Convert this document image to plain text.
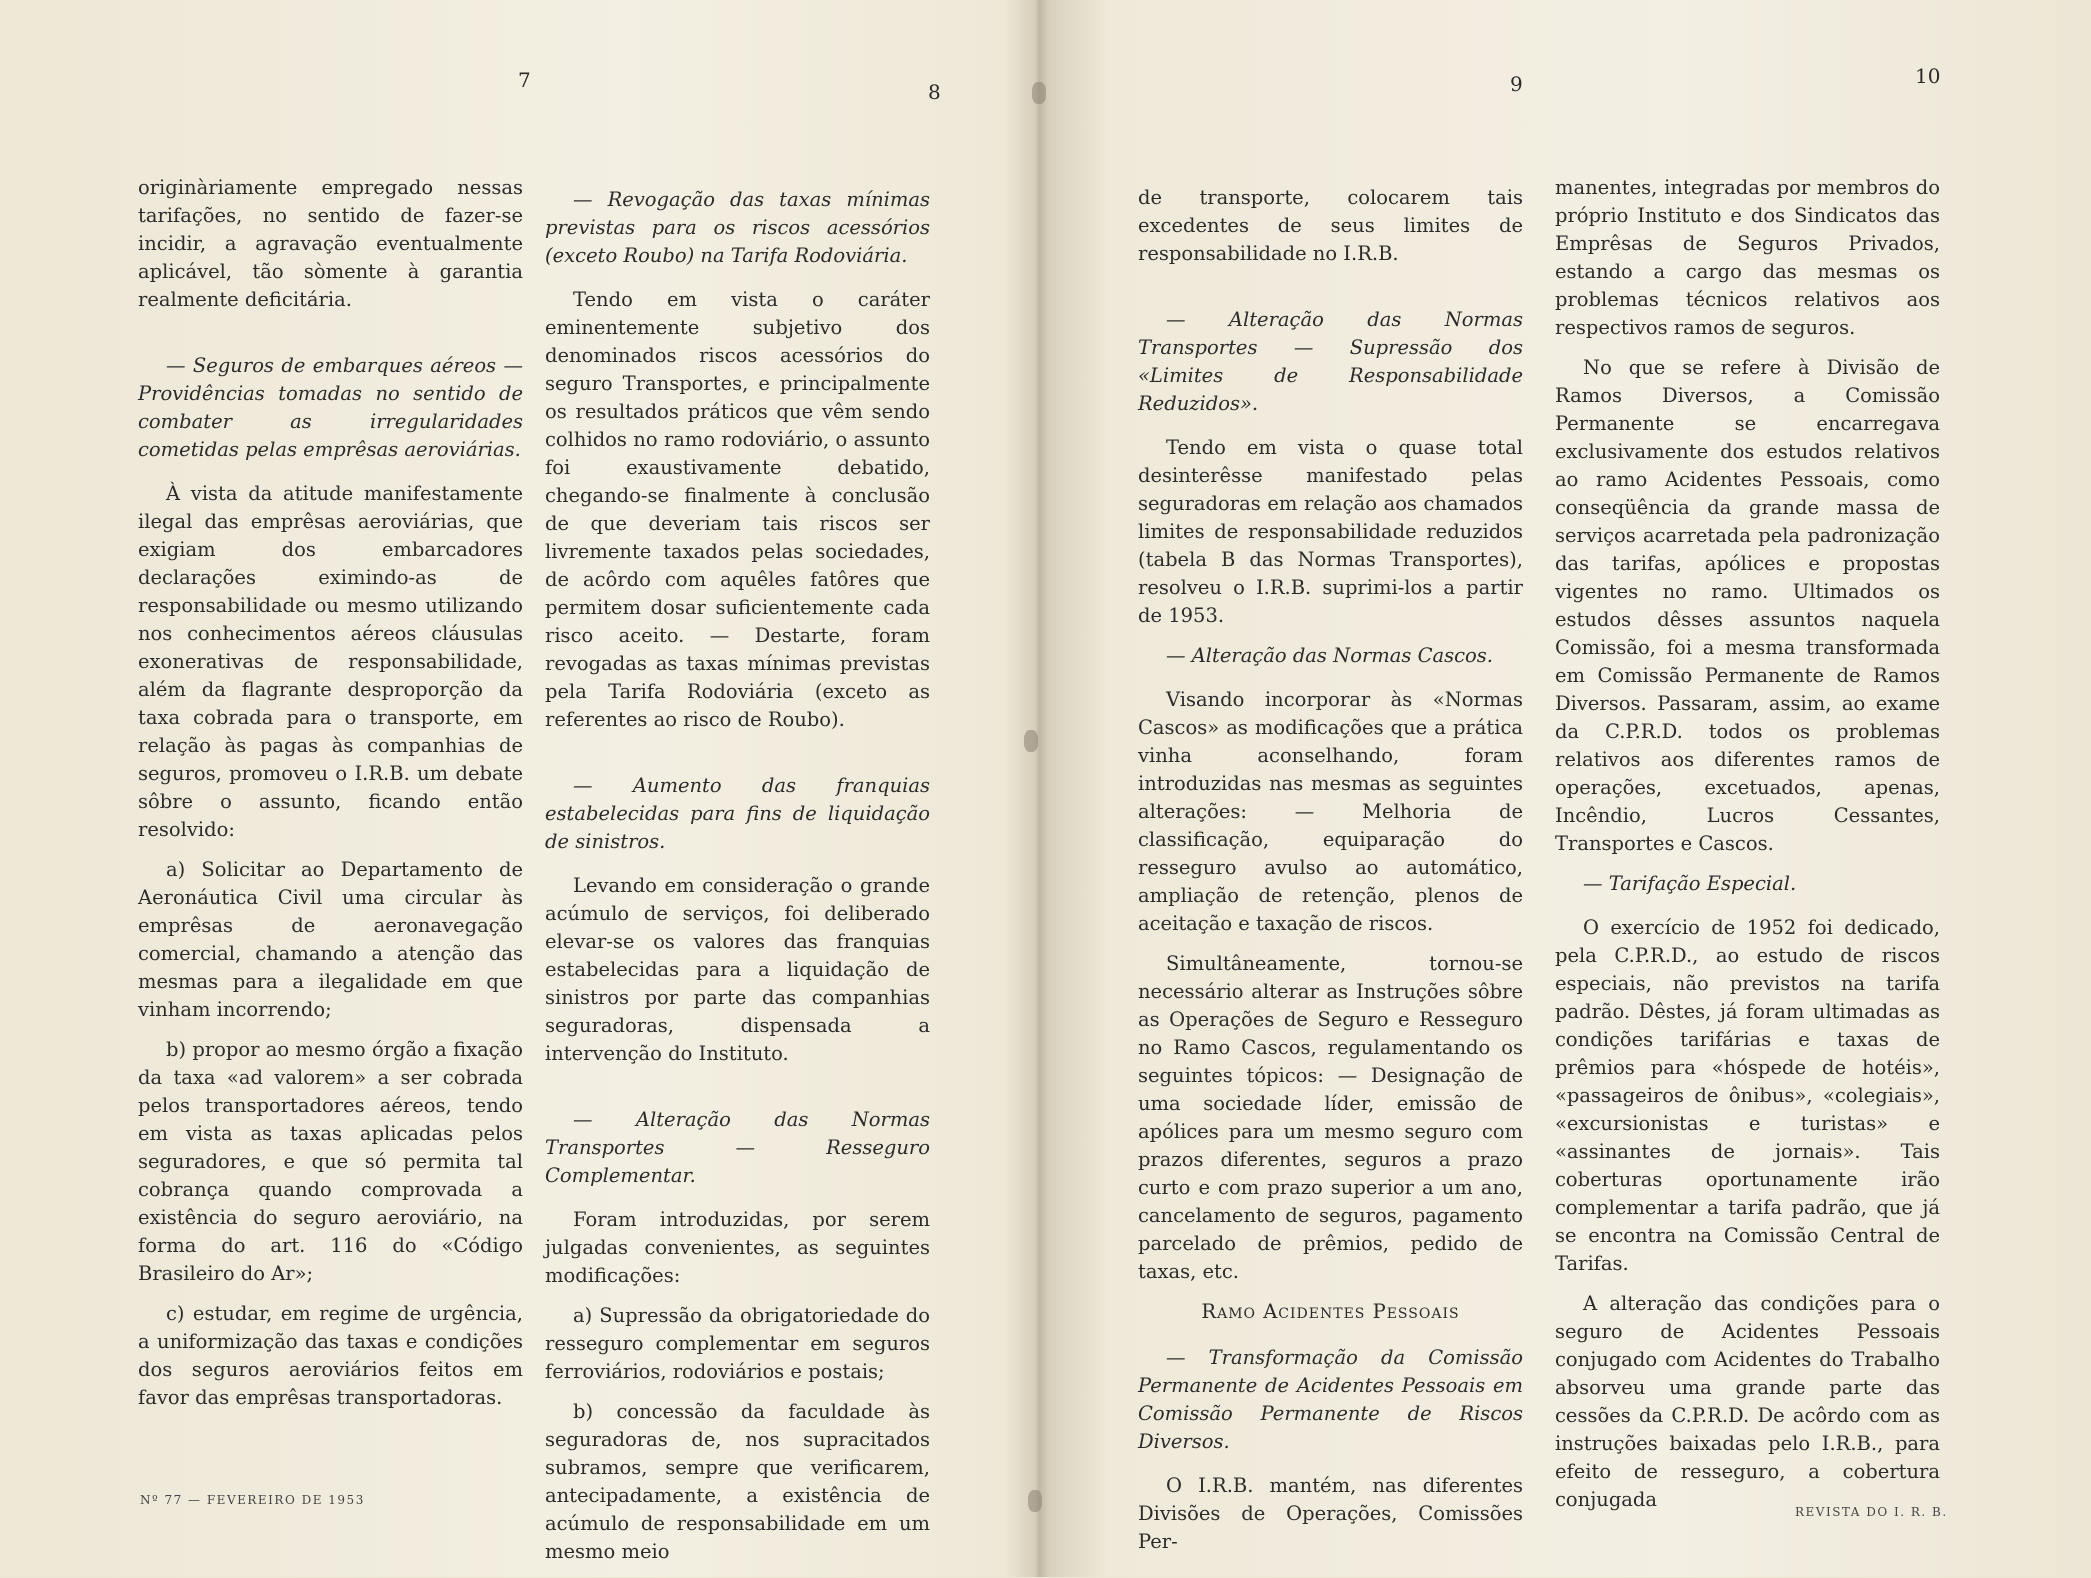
7	8	9	10

originàriamente empregado nessas tarifações, no sentido de fazer-se incidir, a agravação eventualmente aplicável, tão sòmente à garantia realmente deficitária.

— Seguros de embarques aéreos — Providências tomadas no sentido de combater as irregularidades cometidas pelas emprêsas aeroviárias.

À vista da atitude manifestamente ilegal das emprêsas aeroviárias, que exigiam dos embarcadores declarações eximindo-as de responsabilidade ou mesmo utilizando nos conhecimentos aéreos cláusulas exonerativas de responsabilidade, além da flagrante desproporção da taxa cobrada para o transporte, em relação às pagas às companhias de seguros, promoveu o I.R.B. um debate sôbre o assunto, ficando então resolvido:

a) Solicitar ao Departamento de Aeronáutica Civil uma circular às emprêsas de aeronavegação comercial, chamando a atenção das mesmas para a ilegalidade em que vinham incorrendo;

b) propor ao mesmo órgão a fixação da taxa «ad valorem» a ser cobrada pelos transportadores aéreos, tendo em vista as taxas aplicadas pelos seguradores, e que só permita tal cobrança quando comprovada a existência do seguro aeroviário, na forma do art. 116 do «Código Brasileiro do Ar»;

c) estudar, em regime de urgência, a uniformização das taxas e condições dos seguros aeroviários feitos em favor das emprêsas transportadoras.

— Revogação das taxas mínimas previstas para os riscos acessórios (exceto Roubo) na Tarifa Rodoviária.

Tendo em vista o caráter eminentemente subjetivo dos denominados riscos acessórios do seguro Transportes, e principalmente os resultados práticos que vêm sendo colhidos no ramo rodoviário, o assunto foi exaustivamente debatido, chegando-se finalmente à conclusão de que deveriam tais riscos ser livremente taxados pelas sociedades, de acôrdo com aquêles fatôres que permitem dosar suficientemente cada risco aceito. — Destarte, foram revogadas as taxas mínimas previstas pela Tarifa Rodoviária (exceto as referentes ao risco de Roubo).

— Aumento das franquias estabelecidas para fins de liquidação de sinistros.

Levando em consideração o grande acúmulo de serviços, foi deliberado elevar-se os valores das franquias estabelecidas para a liquidação de sinistros por parte das companhias seguradoras, dispensada a intervenção do Instituto.

— Alteração das Normas Transportes — Resseguro Complementar.

Foram introduzidas, por serem julgadas convenientes, as seguintes modificações:

a) Supressão da obrigatoriedade do resseguro complementar em seguros ferroviários, rodoviários e postais;

b) concessão da faculdade às seguradoras de, nos supracitados subramos, sempre que verificarem, antecipadamente, a existência de acúmulo de responsabilidade em um mesmo meio

de transporte, colocarem tais excedentes de seus limites de responsabilidade no I.R.B.

— Alteração das Normas Transportes — Supressão dos «Limites de Responsabilidade Reduzidos».

Tendo em vista o quase total desinterêsse manifestado pelas seguradoras em relação aos chamados limites de responsabilidade reduzidos (tabela B das Normas Transportes), resolveu o I.R.B. suprimi-los a partir de 1953.

— Alteração das Normas Cascos.

Visando incorporar às «Normas Cascos» as modificações que a prática vinha aconselhando, foram introduzidas nas mesmas as seguintes alterações: — Melhoria de classificação, equiparação do resseguro avulso ao automático, ampliação de retenção, plenos de aceitação e taxação de riscos.

Simultâneamente, tornou-se necessário alterar as Instruções sôbre as Operações de Seguro e Resseguro no Ramo Cascos, regulamentando os seguintes tópicos: — Designação de uma sociedade líder, emissão de apólices para um mesmo seguro com prazos diferentes, seguros a prazo curto e com prazo superior a um ano, cancelamento de seguros, pagamento parcelado de prêmios, pedido de taxas, etc.

Ramo Acidentes Pessoais

— Transformação da Comissão Permanente de Acidentes Pessoais em Comissão Permanente de Riscos Diversos.

O I.R.B. mantém, nas diferentes Divisões de Operações, Comissões Per-

manentes, integradas por membros do próprio Instituto e dos Sindicatos das Emprêsas de Seguros Privados, estando a cargo das mesmas os problemas técnicos relativos aos respectivos ramos de seguros.

No que se refere à Divisão de Ramos Diversos, a Comissão Permanente se encarregava exclusivamente dos estudos relativos ao ramo Acidentes Pessoais, como conseqüência da grande massa de serviços acarretada pela padronização das tarifas, apólices e propostas vigentes no ramo. Ultimados os estudos dêsses assuntos naquela Comissão, foi a mesma transformada em Comissão Permanente de Ramos Diversos. Passaram, assim, ao exame da C.P.R.D. todos os problemas relativos aos diferentes ramos de operações, excetuados, apenas, Incêndio, Lucros Cessantes, Transportes e Cascos.

— Tarifação Especial.

O exercício de 1952 foi dedicado, pela C.P.R.D., ao estudo de riscos especiais, não previstos na tarifa padrão. Dêstes, já foram ultimadas as condições tarifárias e taxas de prêmios para «hóspede de hotéis», «passageiros de ônibus», «colegiais», «excursionistas e turistas» e «assinantes de jornais». Tais coberturas oportunamente irão complementar a tarifa padrão, que já se encontra na Comissão Central de Tarifas.

A alteração das condições para o seguro de Acidentes Pessoais conjugado com Acidentes do Trabalho absorveu uma grande parte das cessões da C.P.R.D. De acôrdo com as instruções baixadas pelo I.R.B., para efeito de resseguro, a cobertura conjugada

Nº 77 — FEVEREIRO DE 1953
REVISTA DO I. R. B.
